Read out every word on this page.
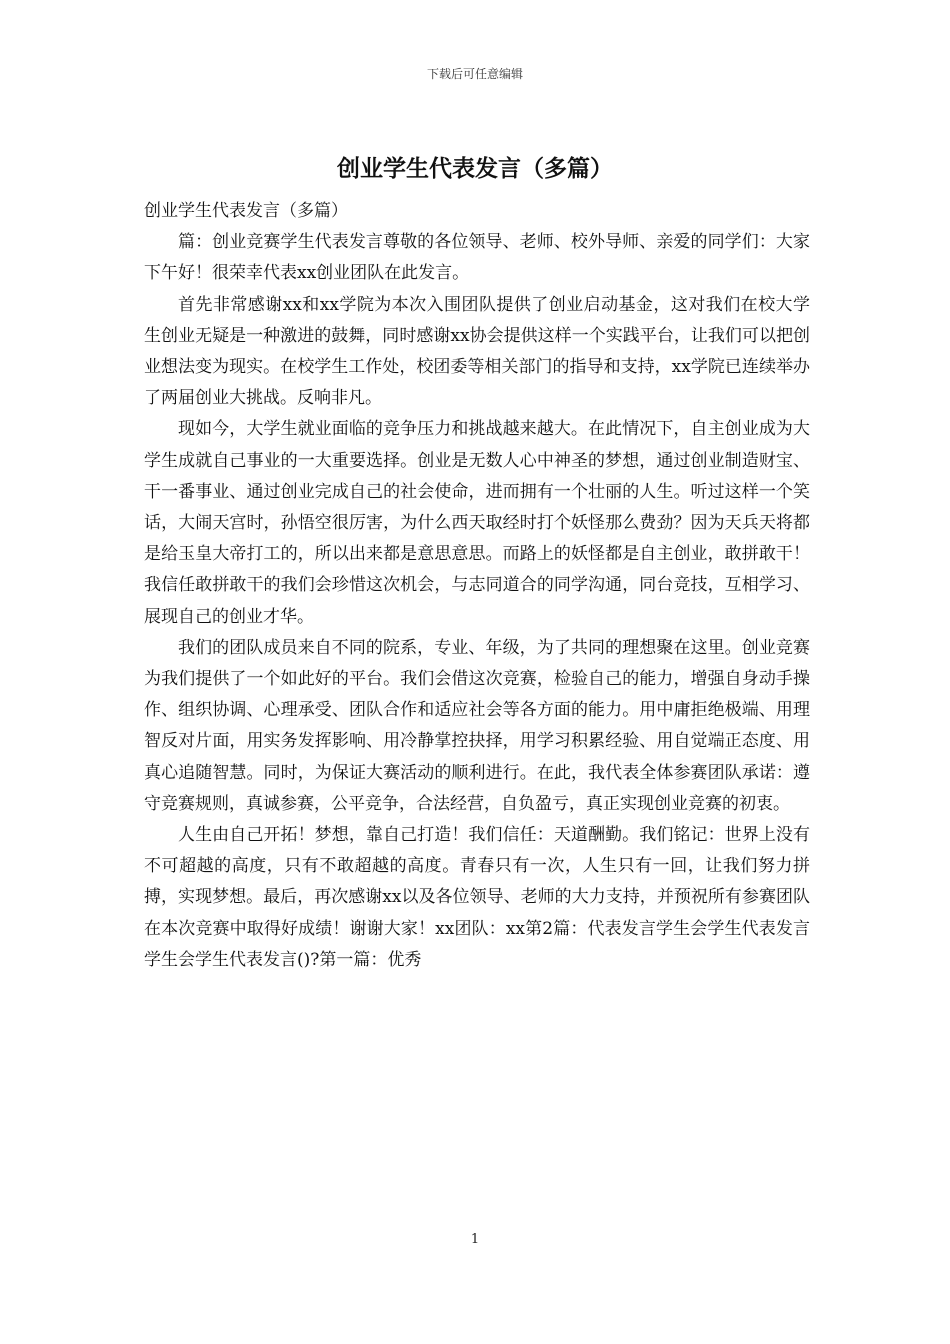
下载后可任意编辑
创业学生代表发言（多篇）

创业学生代表发言（多篇）

篇：创业竞赛学生代表发言尊敬的各位领导、老师、校外导师、亲爱的同学们：大家下午好！很荣幸代表xx创业团队在此发言。

首先非常感谢xx和xx学院为本次入围团队提供了创业启动基金，这对我们在校大学生创业无疑是一种激进的鼓舞，同时感谢xx协会提供这样一个实践平台，让我们可以把创业想法变为现实。在校学生工作处，校团委等相关部门的指导和支持，xx学院已连续举办了两届创业大挑战。反响非凡。

现如今，大学生就业面临的竞争压力和挑战越来越大。在此情况下，自主创业成为大学生成就自己事业的一大重要选择。创业是无数人心中神圣的梦想，通过创业制造财宝、干一番事业、通过创业完成自己的社会使命，进而拥有一个壮丽的人生。听过这样一个笑话，大闹天宫时，孙悟空很厉害，为什么西天取经时打个妖怪那么费劲？因为天兵天将都是给玉皇大帝打工的，所以出来都是意思意思。而路上的妖怪都是自主创业，敢拼敢干！我信任敢拼敢干的我们会珍惜这次机会，与志同道合的同学沟通，同台竞技，互相学习、展现自己的创业才华。

我们的团队成员来自不同的院系，专业、年级，为了共同的理想聚在这里。创业竞赛为我们提供了一个如此好的平台。我们会借这次竞赛，检验自己的能力，增强自身动手操作、组织协调、心理承受、团队合作和适应社会等各方面的能力。用中庸拒绝极端、用理智反对片面，用实务发挥影响、用冷静掌控抉择，用学习积累经验、用自觉端正态度、用真心追随智慧。同时，为保证大赛活动的顺利进行。在此，我代表全体参赛团队承诺：遵守竞赛规则，真诚参赛，公平竞争，合法经营，自负盈亏，真正实现创业竞赛的初衷。

人生由自己开拓！梦想，靠自己打造！我们信任：天道酬勤。我们铭记：世界上没有不可超越的高度，只有不敢超越的高度。青春只有一次，人生只有一回，让我们努力拼搏，实现梦想。最后，再次感谢xx以及各位领导、老师的大力支持，并预祝所有参赛团队在本次竞赛中取得好成绩！谢谢大家！xx团队：xx第2篇：代表发言学生会学生代表发言学生会学生代表发言()?第一篇：优秀

1
